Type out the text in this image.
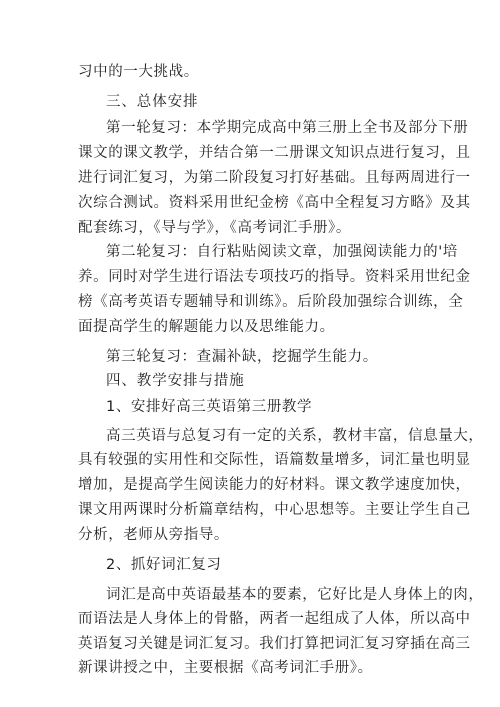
习中的一大挑战。
三、总体安排
第一轮复习：本学期完成高中第三册上全书及部分下册
课文的课文教学，并结合第一二册课文知识点进行复习，且
进行词汇复习，为第二阶段复习打好基础。且每两周进行一
次综合测试。资料采用世纪金榜《高中全程复习方略》及其
配套练习，《导与学》，《高考词汇手册》。
第二轮复习：自行粘贴阅读文章，加强阅读能力的'培
养。同时对学生进行语法专项技巧的指导。资料采用世纪金
榜《高考英语专题辅导和训练》。后阶段加强综合训练，全
面提高学生的解题能力以及思维能力。
第三轮复习：查漏补缺，挖掘学生能力。
四、教学安排与措施
1、安排好高三英语第三册教学
高三英语与总复习有一定的关系，教材丰富，信息量大，
具有较强的实用性和交际性，语篇数量增多，词汇量也明显
增加，是提高学生阅读能力的好材料。课文教学速度加快，
课文用两课时分析篇章结构，中心思想等。主要让学生自己
分析，老师从旁指导。
2、抓好词汇复习
词汇是高中英语最基本的要素，它好比是人身体上的肉，
而语法是人身体上的骨骼，两者一起组成了人体，所以高中
英语复习关键是词汇复习。我们打算把词汇复习穿插在高三
新课讲授之中，主要根据《高考词汇手册》。
